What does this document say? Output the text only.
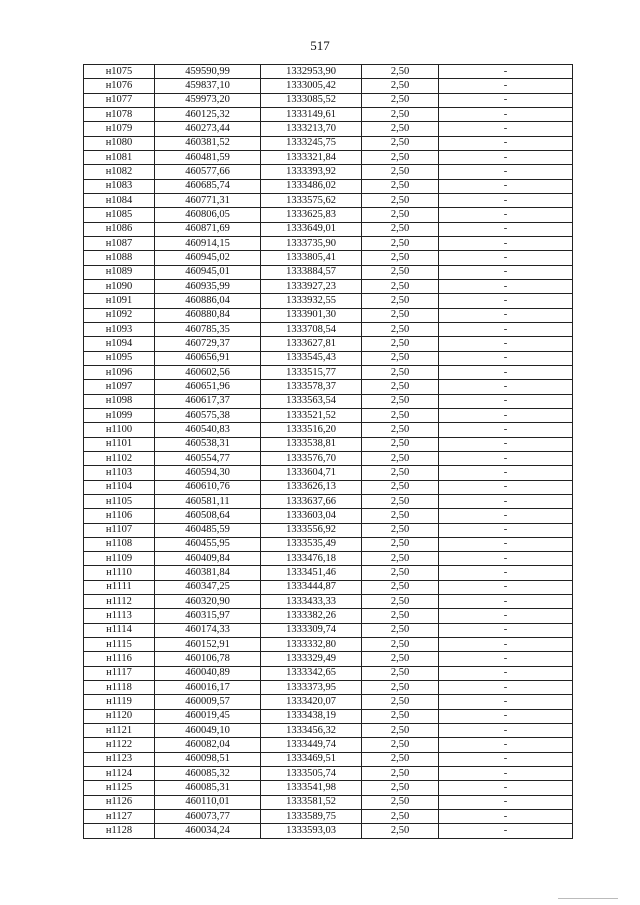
517
н1075	459590,99	1332953,90	2,50	-
н1076	459837,10	1333005,42	2,50	-
н1077	459973,20	1333085,52	2,50	-
н1078	460125,32	1333149,61	2,50	-
н1079	460273,44	1333213,70	2,50	-
н1080	460381,52	1333245,75	2,50	-
н1081	460481,59	1333321,84	2,50	-
н1082	460577,66	1333393,92	2,50	-
н1083	460685,74	1333486,02	2,50	-
н1084	460771,31	1333575,62	2,50	-
н1085	460806,05	1333625,83	2,50	-
н1086	460871,69	1333649,01	2,50	-
н1087	460914,15	1333735,90	2,50	-
н1088	460945,02	1333805,41	2,50	-
н1089	460945,01	1333884,57	2,50	-
н1090	460935,99	1333927,23	2,50	-
н1091	460886,04	1333932,55	2,50	-
н1092	460880,84	1333901,30	2,50	-
н1093	460785,35	1333708,54	2,50	-
н1094	460729,37	1333627,81	2,50	-
н1095	460656,91	1333545,43	2,50	-
н1096	460602,56	1333515,77	2,50	-
н1097	460651,96	1333578,37	2,50	-
н1098	460617,37	1333563,54	2,50	-
н1099	460575,38	1333521,52	2,50	-
н1100	460540,83	1333516,20	2,50	-
н1101	460538,31	1333538,81	2,50	-
н1102	460554,77	1333576,70	2,50	-
н1103	460594,30	1333604,71	2,50	-
н1104	460610,76	1333626,13	2,50	-
н1105	460581,11	1333637,66	2,50	-
н1106	460508,64	1333603,04	2,50	-
н1107	460485,59	1333556,92	2,50	-
н1108	460455,95	1333535,49	2,50	-
н1109	460409,84	1333476,18	2,50	-
н1110	460381,84	1333451,46	2,50	-
н1111	460347,25	1333444,87	2,50	-
н1112	460320,90	1333433,33	2,50	-
н1113	460315,97	1333382,26	2,50	-
н1114	460174,33	1333309,74	2,50	-
н1115	460152,91	1333332,80	2,50	-
н1116	460106,78	1333329,49	2,50	-
н1117	460040,89	1333342,65	2,50	-
н1118	460016,17	1333373,95	2,50	-
н1119	460009,57	1333420,07	2,50	-
н1120	460019,45	1333438,19	2,50	-
н1121	460049,10	1333456,32	2,50	-
н1122	460082,04	1333449,74	2,50	-
н1123	460098,51	1333469,51	2,50	-
н1124	460085,32	1333505,74	2,50	-
н1125	460085,31	1333541,98	2,50	-
н1126	460110,01	1333581,52	2,50	-
н1127	460073,77	1333589,75	2,50	-
н1128	460034,24	1333593,03	2,50	-
